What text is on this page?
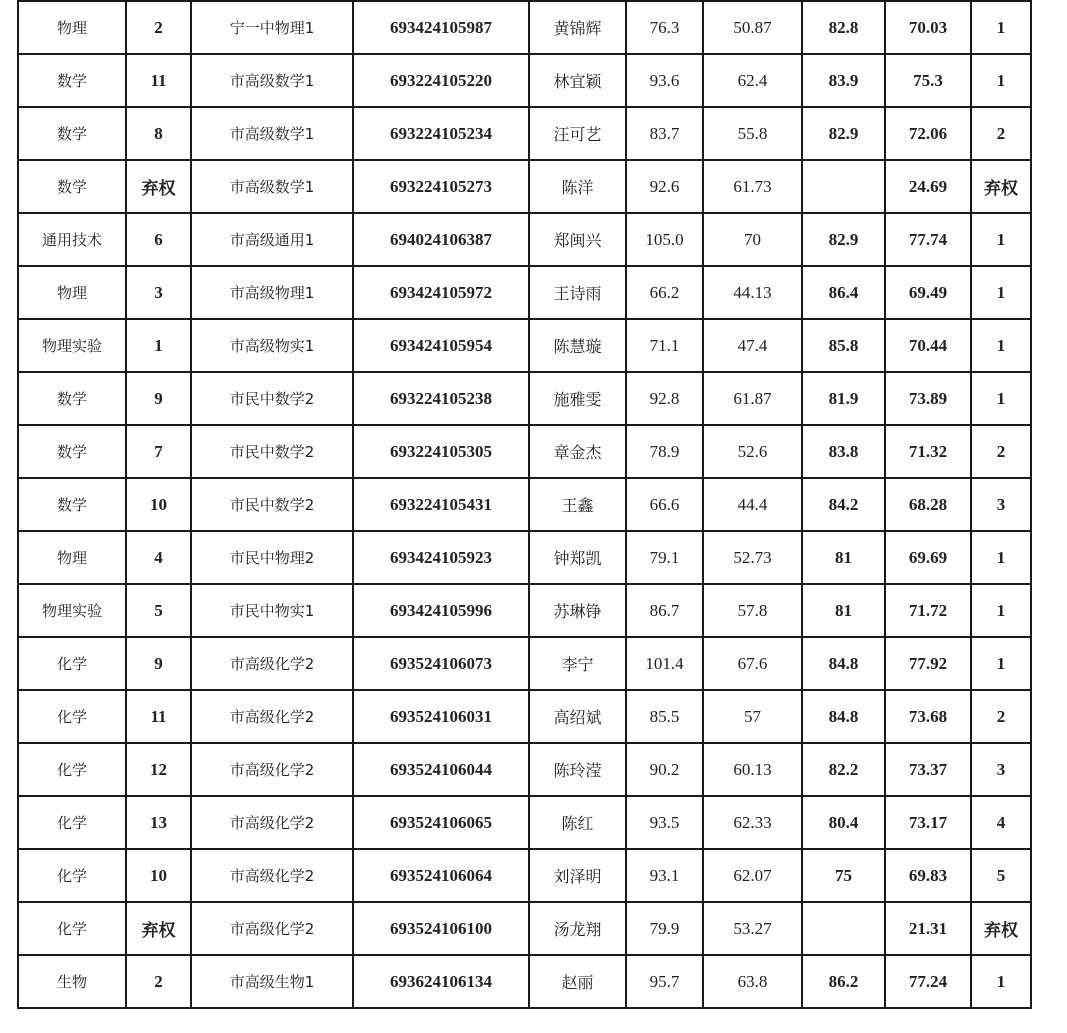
物理	2	宁一中物理1	693424105987	黄锦辉	76.3	50.87	82.8	70.03	1
数学	11	市高级数学1	693224105220	林宜颖	93.6	62.4	83.9	75.3	1
数学	8	市高级数学1	693224105234	汪可艺	83.7	55.8	82.9	72.06	2
数学	弃权	市高级数学1	693224105273	陈洋	92.6	61.73		24.69	弃权
通用技术	6	市高级通用1	694024106387	郑闽兴	105.0	70	82.9	77.74	1
物理	3	市高级物理1	693424105972	王诗雨	66.2	44.13	86.4	69.49	1
物理实验	1	市高级物实1	693424105954	陈慧璇	71.1	47.4	85.8	70.44	1
数学	9	市民中数学2	693224105238	施雅雯	92.8	61.87	81.9	73.89	1
数学	7	市民中数学2	693224105305	章金杰	78.9	52.6	83.8	71.32	2
数学	10	市民中数学2	693224105431	王鑫	66.6	44.4	84.2	68.28	3
物理	4	市民中物理2	693424105923	钟郑凯	79.1	52.73	81	69.69	1
物理实验	5	市民中物实1	693424105996	苏琳铮	86.7	57.8	81	71.72	1
化学	9	市高级化学2	693524106073	李宁	101.4	67.6	84.8	77.92	1
化学	11	市高级化学2	693524106031	高绍斌	85.5	57	84.8	73.68	2
化学	12	市高级化学2	693524106044	陈玲滢	90.2	60.13	82.2	73.37	3
化学	13	市高级化学2	693524106065	陈红	93.5	62.33	80.4	73.17	4
化学	10	市高级化学2	693524106064	刘泽明	93.1	62.07	75	69.83	5
化学	弃权	市高级化学2	693524106100	汤龙翔	79.9	53.27		21.31	弃权
生物	2	市高级生物1	693624106134	赵丽	95.7	63.8	86.2	77.24	1
